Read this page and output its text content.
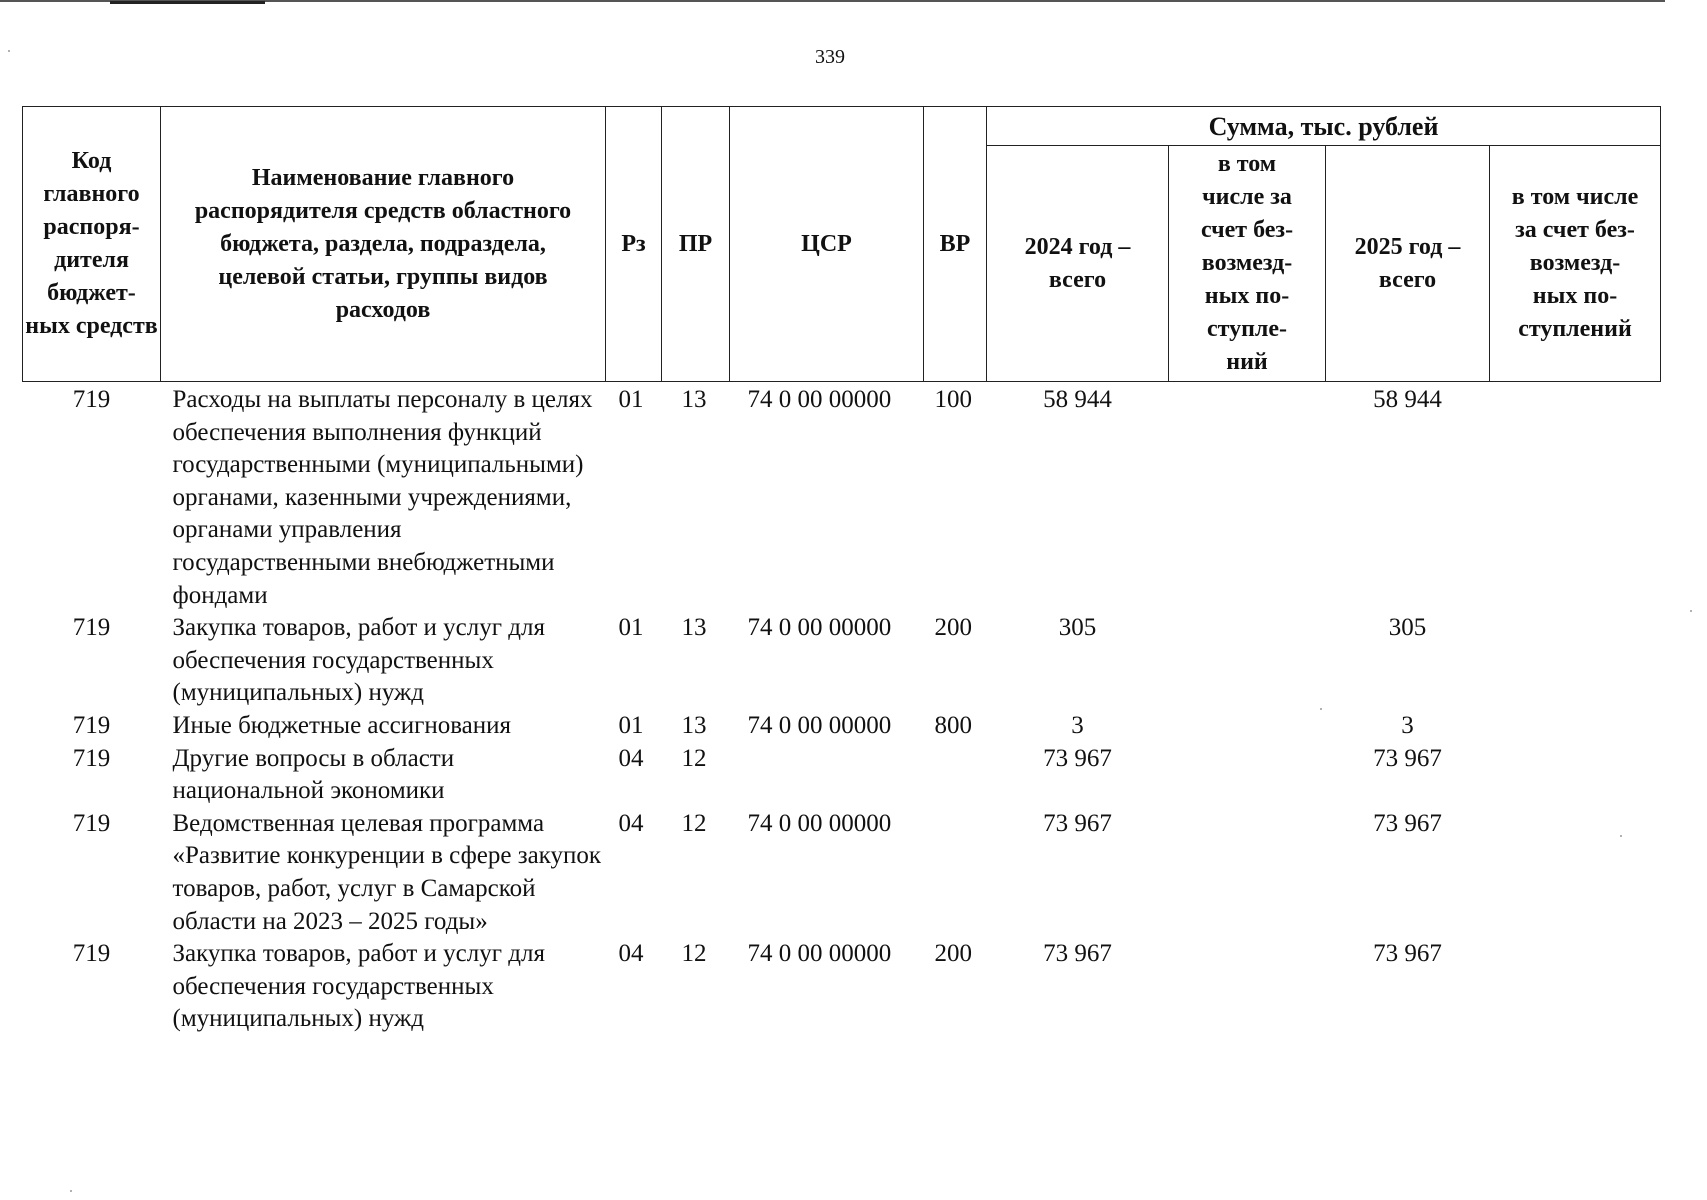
339
Код главного распоря- дителя бюджет- ных средств	Наименование главного распорядителя средств областного бюджета, раздела, подраздела, целевой статьи, группы видов расходов	Рз	ПР	ЦСР	ВР	Сумма, тыс. рублей			
						2024 год – всего	в том числе за счет без- возмезд- ных по- ступле- ний	2025 год – всего	в том числе за счет без- возмезд- ных по- ступлений
719	Расходы на выплаты персоналу в целях обеспечения выполнения функций государственными (муниципальными) органами, казенными учреждениями, органами управления государственными внебюджетными фондами	01	13	74 0 00 00000	100	58 944		58 944	
719	Закупка товаров, работ и услуг для обеспечения государственных (муниципальных) нужд	01	13	74 0 00 00000	200	305		305	
719	Иные бюджетные ассигнования	01	13	74 0 00 00000	800	3		3	
719	Другие вопросы в области национальной экономики	04	12			73 967		73 967	
719	Ведомственная целевая программа «Развитие конкуренции в сфере закупок товаров, работ, услуг в Самарской области на 2023 – 2025 годы»	04	12	74 0 00 00000		73 967		73 967	
719	Закупка товаров, работ и услуг для обеспечения государственных (муниципальных) нужд	04	12	74 0 00 00000	200	73 967		73 967	
